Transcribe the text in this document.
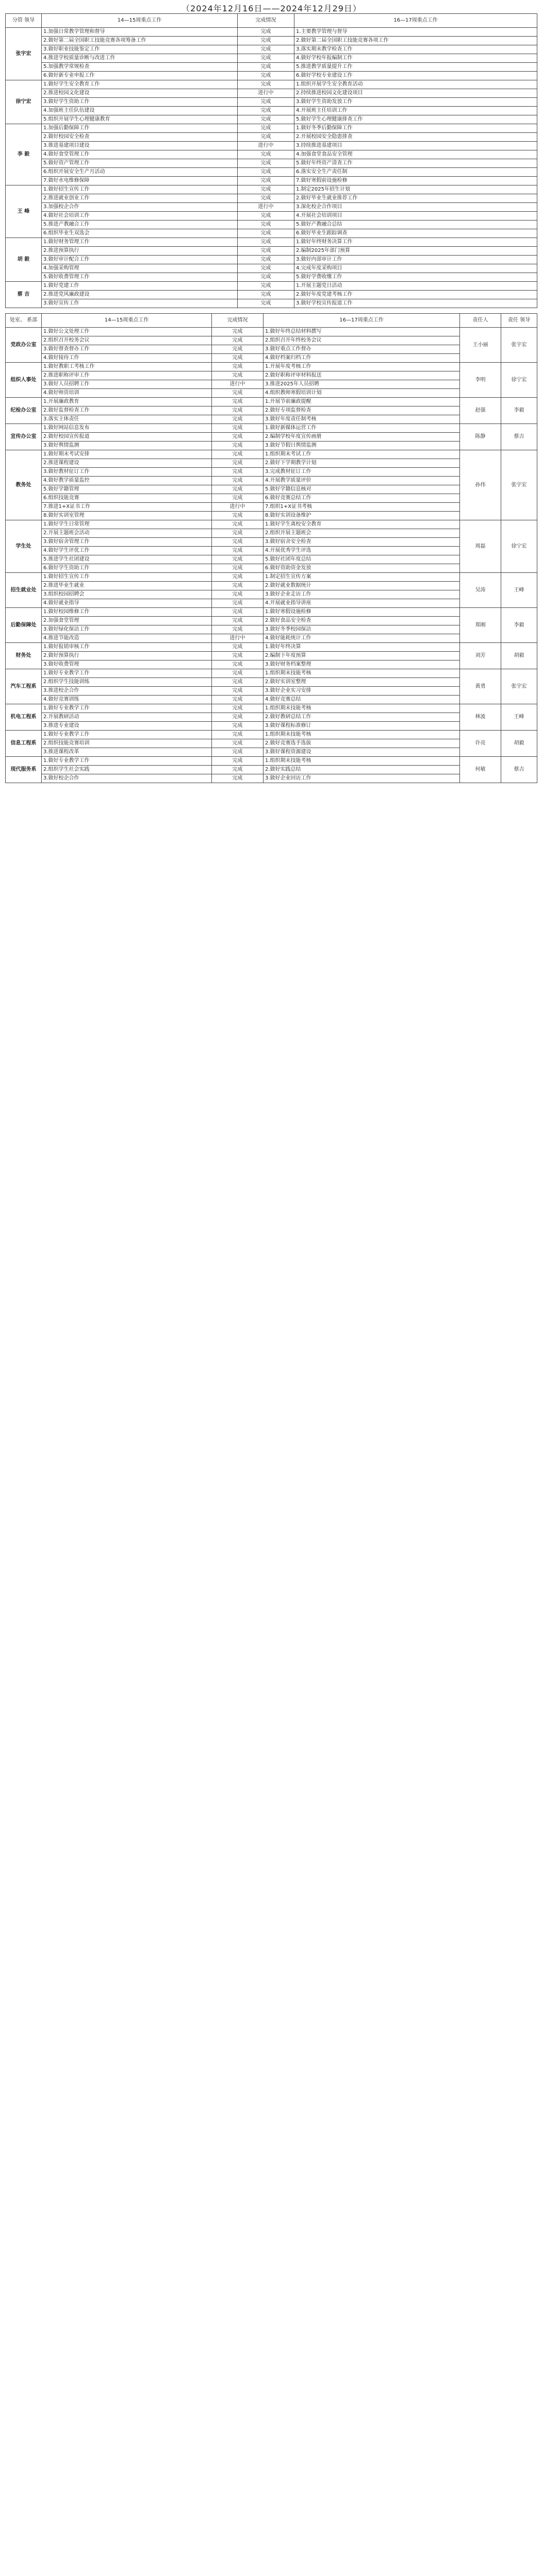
（2024年12月16日——2024年12月29日）
分管 领导	14—15周重点工作	完成情况	16—17周重点工作
张宇宏	1.加强日常教学管理和督导	完成	1.主要教学管理与督导
	2.做好第二届全国职工技能竞赛各项筹备工作	完成	2.做好第二届全国职工技能竞赛各项工作
	3.做好职业技能鉴定工作	完成	3.落实期末教学检查工作
	4.推进学校质量诊断与改进工作	完成	4.做好学校年报编制工作
	5.加强教学常规检查	完成	5.推进教学质量提升工作
	6.做好新专业申报工作	完成	6.做好学校专业建设工作
徐宁宏	1.做好学生安全教育工作	完成	1.组织开展学生安全教育活动
	2.推进校园文化建设	进行中	2.持续推进校园文化建设项目
	3.做好学生资助工作	完成	3.做好学生资助发放工作
	4.加强班主任队伍建设	完成	4.开展班主任培训工作
	5.组织开展学生心理健康教育	完成	5.做好学生心理健康排查工作
李 毅	1.加强后勤保障工作	完成	1.做好冬季后勤保障工作
	2.做好校园安全检查	完成	2.开展校园安全隐患排查
	3.推进基建项目建设	进行中	3.持续推进基建项目
	4.做好食堂管理工作	完成	4.加强食堂食品安全管理
	5.做好资产管理工作	完成	5.做好年终资产清查工作
	6.组织开展安全生产月活动	完成	6.落实安全生产责任制
	7.做好水电维修保障	完成	7.做好寒假前设施检修
王 峰	1.做好招生宣传工作	完成	1.制定2025年招生计划
	2.推进就业创业工作	完成	2.做好毕业生就业推荐工作
	3.加强校企合作	进行中	3.深化校企合作项目
	4.做好社会培训工作	完成	4.开展社会培训项目
	5.推进产教融合工作	完成	5.做好产教融合总结
	6.组织毕业生双选会	完成	6.做好毕业生跟踪调查
胡 毅	1.做好财务管理工作	完成	1.做好年终财务决算工作
	2.推进预算执行	完成	2.编制2025年部门预算
	3.做好审计配合工作	完成	3.做好内部审计工作
	4.加强采购管理	完成	4.完成年度采购项目
	5.做好收费管理工作	完成	5.做好学费收缴工作
蔡 吉	1.做好党建工作	完成	1.开展主题党日活动
	2.推进党风廉政建设	完成	2.做好年度党建考核工作
	3.做好宣传工作	完成	3.做好学校宣传报道工作
处室、 系部	14—15周重点工作	完成情况	16—17周重点工作	责任人	责任 领导
党政办公室	1.做好公文处理工作	完成	1.做好年终总结材料撰写	王小丽	张宇宏
	2.组织召开校务会议	完成	2.组织召开年终校务会议		
	3.做好督查督办工作	完成	3.做好重点工作督办		
	4.做好接待工作	完成	4.做好档案归档工作		
组织人事处	1.做好教职工考核工作	完成	1.开展年度考核工作	李明	徐宁宏
	2.推进职称评审工作	完成	2.做好职称评审材料报送		
	3.做好人员招聘工作	进行中	3.推进2025年人员招聘		
	4.做好师资培训	完成	4.组织教师寒假培训计划		
纪检办公室	1.开展廉政教育	完成	1.开展节前廉政提醒	赵强	李毅
	2.做好监督检查工作	完成	2.做好专项监督检查		
	3.落实主体责任	完成	3.做好年度责任制考核		
宣传办公室	1.做好网站信息发布	完成	1.做好新媒体运营工作	陈静	蔡吉
	2.做好校园宣传报道	完成	2.编制学校年度宣传画册		
	3.做好舆情监测	完成	3.做好节假日舆情监测		
教务处	1.做好期末考试安排	完成	1.组织期末考试工作	孙伟	张宇宏
	2.推进课程建设	完成	2.做好下学期教学计划		
	3.做好教材征订工作	完成	3.完成教材征订工作		
	4.做好教学质量监控	完成	4.开展教学质量评价		
	5.做好学籍管理	完成	5.做好学籍信息核对		
	6.组织技能竞赛	完成	6.做好竞赛总结工作		
	7.推进1+X证书工作	进行中	7.组织1+X证书考核		
	8.做好实训室管理	完成	8.做好实训设备维护		
学生处	1.做好学生日常管理	完成	1.做好学生离校安全教育	周磊	徐宁宏
	2.开展主题班会活动	完成	2.组织开展主题班会		
	3.做好宿舍管理工作	完成	3.做好宿舍安全检查		
	4.做好学生评优工作	完成	4.开展优秀学生评选		
	5.推进学生社团建设	完成	5.做好社团年度总结		
	6.做好学生资助工作	完成	6.做好资助资金发放		
招生就业处	1.做好招生宣传工作	完成	1.制定招生宣传方案	吴涛	王峰
	2.推进毕业生就业	完成	2.做好就业数据统计		
	3.组织校园招聘会	完成	3.做好企业走访工作		
	4.做好就业指导	完成	4.开展就业指导讲座		
后勤保障处	1.做好校园维修工作	完成	1.做好寒假设施检修	郑刚	李毅
	2.加强食堂管理	完成	2.做好食品安全检查		
	3.做好绿化保洁工作	完成	3.做好冬季校园保洁		
	4.推进节能改造	进行中	4.做好能耗统计工作		
财务处	1.做好报销审核工作	完成	1.做好年终决算	刘芳	胡毅
	2.做好预算执行	完成	2.编制下年度预算		
	3.做好收费管理	完成	3.做好财务档案整理		
汽车工程系	1.做好专业教学工作	完成	1.组织期末技能考核	黄勇	张宇宏
	2.组织学生技能训练	完成	2.做好实训室整理		
	3.推进校企合作	完成	3.做好企业实习安排		
	4.做好竞赛训练	完成	4.做好竞赛总结		
机电工程系	1.做好专业教学工作	完成	1.组织期末技能考核	林波	王峰
	2.开展教研活动	完成	2.做好教研总结工作		
	3.推进专业建设	完成	3.做好课程标准修订		
信息工程系	1.做好专业教学工作	完成	1.组织期末技能考核	许亮	胡毅
	2.组织技能竞赛培训	完成	2.做好竞赛选手选拔		
	3.推进课程改革	完成	3.做好课程资源建设		
现代服务系	1.做好专业教学工作	完成	1.组织期末技能考核	何敏	蔡吉
	2.组织学生社会实践	完成	2.做好实践总结		
	3.做好校企合作	完成	3.做好企业回访工作		
